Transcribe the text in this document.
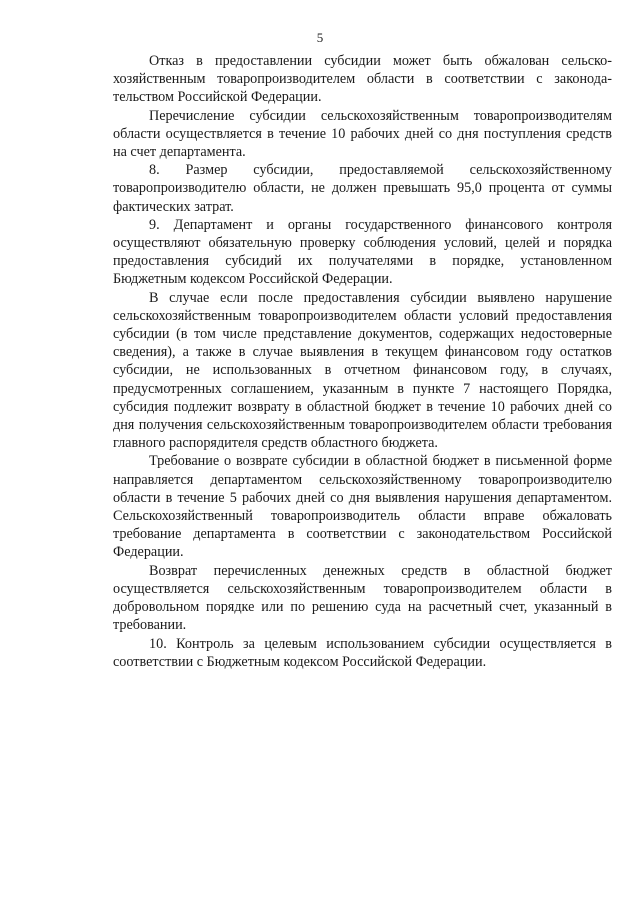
5

Отказ в предоставлении субсидии может быть обжалован сельскохозяйственным товаропроизводителем области в соответствии с законодательством Российской Федерации.

Перечисление субсидии сельскохозяйственным товаропроизводителям области осуществляется в течение 10 рабочих дней со дня поступления средств на счет департамента.

8. Размер субсидии, предоставляемой сельскохозяйственному товаропроизводителю области, не должен превышать 95,0 процента от суммы фактических затрат.

9. Департамент и органы государственного финансового контроля осуществляют обязательную проверку соблюдения условий, целей и порядка предоставления субсидий их получателями в порядке, установленном Бюджетным кодексом Российской Федерации.

В случае если после предоставления субсидии выявлено нарушение сельскохозяйственным товаропроизводителем области условий предоставления субсидии (в том числе представление документов, содержащих недостоверные сведения), а также в случае выявления в текущем финансовом году остатков субсидии, не использованных в отчетном финансовом году, в случаях, предусмотренных соглашением, указанным в пункте 7 настоящего Порядка, субсидия подлежит возврату в областной бюджет в течение 10 рабочих дней со дня получения сельскохозяйственным товаропроизводителем области требования главного распорядителя средств областного бюджета.

Требование о возврате субсидии в областной бюджет в письменной форме направляется департаментом сельскохозяйственному товаропроизводителю области в течение 5 рабочих дней со дня выявления нарушения департаментом. Сельскохозяйственный товаропроизводитель области вправе обжаловать требование департамента в соответствии с законодательством Российской Федерации.

Возврат перечисленных денежных средств в областной бюджет осуществляется сельскохозяйственным товаропроизводителем области в добровольном порядке или по решению суда на расчетный счет, указанный в требовании.

10. Контроль за целевым использованием субсидии осуществляется в соответствии с Бюджетным кодексом Российской Федерации.
